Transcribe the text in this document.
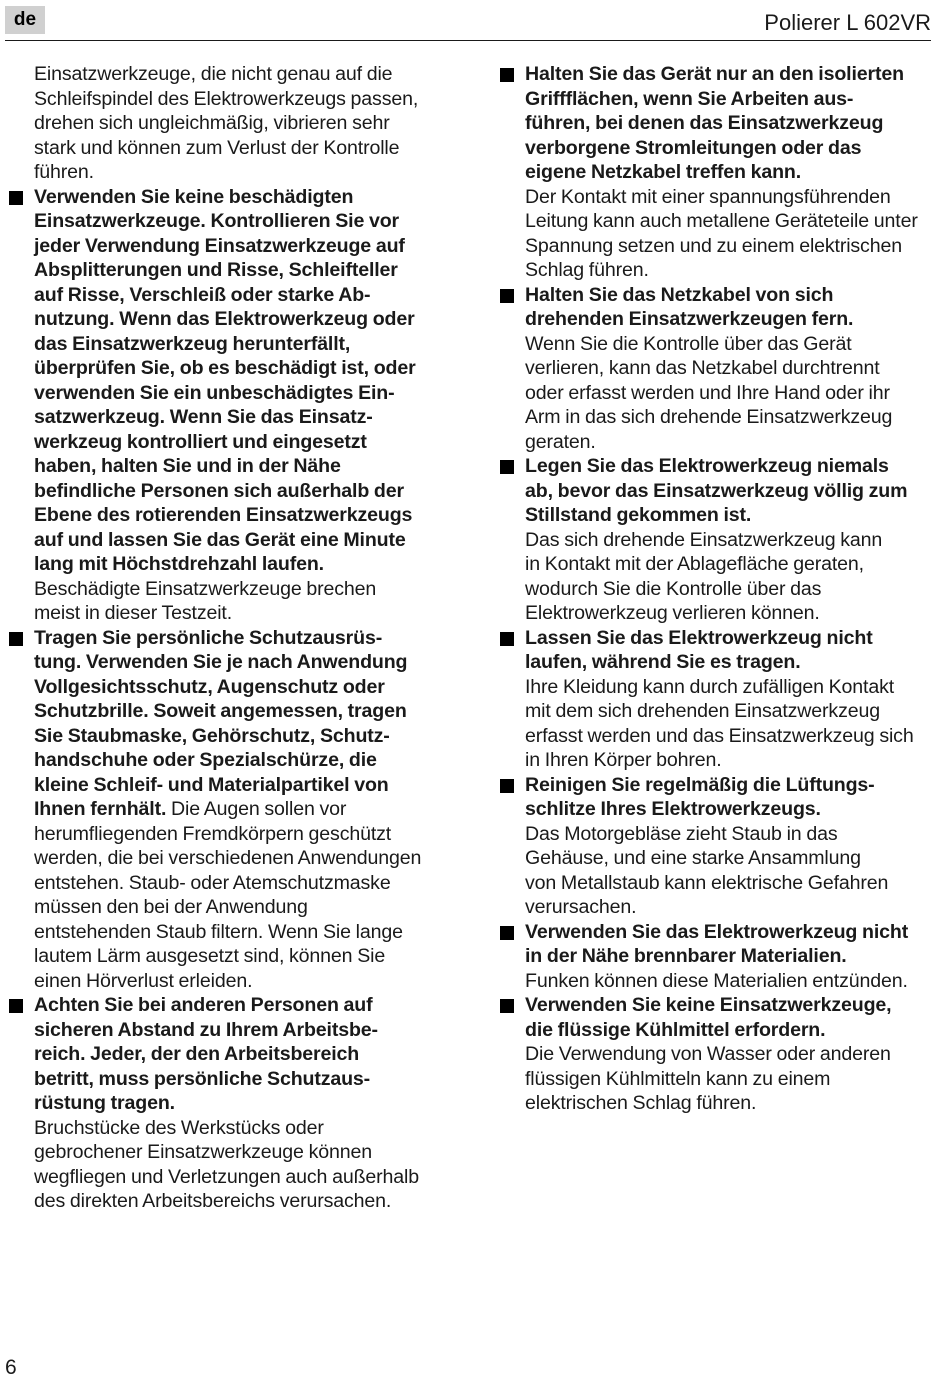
de	Polierer L 602VR
Einsatzwerkzeuge, die nicht genau auf die
Schleifspindel des Elektrowerkzeugs passen,
drehen sich ungleichmäßig, vibrieren sehr
stark und können zum Verlust der Kontrolle
führen.
Verwenden Sie keine beschädigten
Einsatzwerkzeuge. Kontrollieren Sie vor
jeder Verwendung Einsatzwerkzeuge auf
Absplitterungen und Risse, Schleifteller
auf Risse, Verschleiß oder starke Ab-
nutzung. Wenn das Elektrowerkzeug oder
das Einsatzwerkzeug herunterfällt,
überprüfen Sie, ob es beschädigt ist, oder
verwenden Sie ein unbeschädigtes Ein-
satzwerkzeug. Wenn Sie das Einsatz-
werkzeug kontrolliert und eingesetzt
haben, halten Sie und in der Nähe
befindliche Personen sich außerhalb der
Ebene des rotierenden Einsatzwerkzeugs
auf und lassen Sie das Gerät eine Minute
lang mit Höchstdrehzahl laufen.
Beschädigte Einsatzwerkzeuge brechen
meist in dieser Testzeit.
Tragen Sie persönliche Schutzausrüs-
tung. Verwenden Sie je nach Anwendung
Vollgesichtsschutz, Augenschutz oder
Schutzbrille. Soweit angemessen, tragen
Sie Staubmaske, Gehörschutz, Schutz-
handschuhe oder Spezialschürze, die
kleine Schleif- und Materialpartikel von
Ihnen fernhält. Die Augen sollen vor
herumfliegenden Fremdkörpern geschützt
werden, die bei verschiedenen Anwendungen
entstehen. Staub- oder Atemschutzmaske
müssen den bei der Anwendung
entstehenden Staub filtern. Wenn Sie lange
lautem Lärm ausgesetzt sind, können Sie
einen Hörverlust erleiden.
Achten Sie bei anderen Personen auf
sicheren Abstand zu Ihrem Arbeitsbe-
reich. Jeder, der den Arbeitsbereich
betritt, muss persönliche Schutzaus-
rüstung tragen.
Bruchstücke des Werkstücks oder
gebrochener Einsatzwerkzeuge können
wegfliegen und Verletzungen auch außerhalb
des direkten Arbeitsbereichs verursachen.
Halten Sie das Gerät nur an den isolierten
Griffflächen, wenn Sie Arbeiten aus-
führen, bei denen das Einsatzwerkzeug
verborgene Stromleitungen oder das
eigene Netzkabel treffen kann.
Der Kontakt mit einer spannungsführenden
Leitung kann auch metallene Geräteteile unter
Spannung setzen und zu einem elektrischen
Schlag führen.
Halten Sie das Netzkabel von sich
drehenden Einsatzwerkzeugen fern.
Wenn Sie die Kontrolle über das Gerät
verlieren, kann das Netzkabel durchtrennt
oder erfasst werden und Ihre Hand oder ihr
Arm in das sich drehende Einsatzwerkzeug
geraten.
Legen Sie das Elektrowerkzeug niemals
ab, bevor das Einsatzwerkzeug völlig zum
Stillstand gekommen ist.
Das sich drehende Einsatzwerkzeug kann
in Kontakt mit der Ablagefläche geraten,
wodurch Sie die Kontrolle über das
Elektrowerkzeug verlieren können.
Lassen Sie das Elektrowerkzeug nicht
laufen, während Sie es tragen.
Ihre Kleidung kann durch zufälligen Kontakt
mit dem sich drehenden Einsatzwerkzeug
erfasst werden und das Einsatzwerkzeug sich
in Ihren Körper bohren.
Reinigen Sie regelmäßig die Lüftungs-
schlitze Ihres Elektrowerkzeugs.
Das Motorgebläse zieht Staub in das
Gehäuse, und eine starke Ansammlung
von Metallstaub kann elektrische Gefahren
verursachen.
Verwenden Sie das Elektrowerkzeug nicht
in der Nähe brennbarer Materialien.
Funken können diese Materialien entzünden.
Verwenden Sie keine Einsatzwerkzeuge,
die flüssige Kühlmittel erfordern.
Die Verwendung von Wasser oder anderen
flüssigen Kühlmitteln kann zu einem
elektrischen Schlag führen.
6
